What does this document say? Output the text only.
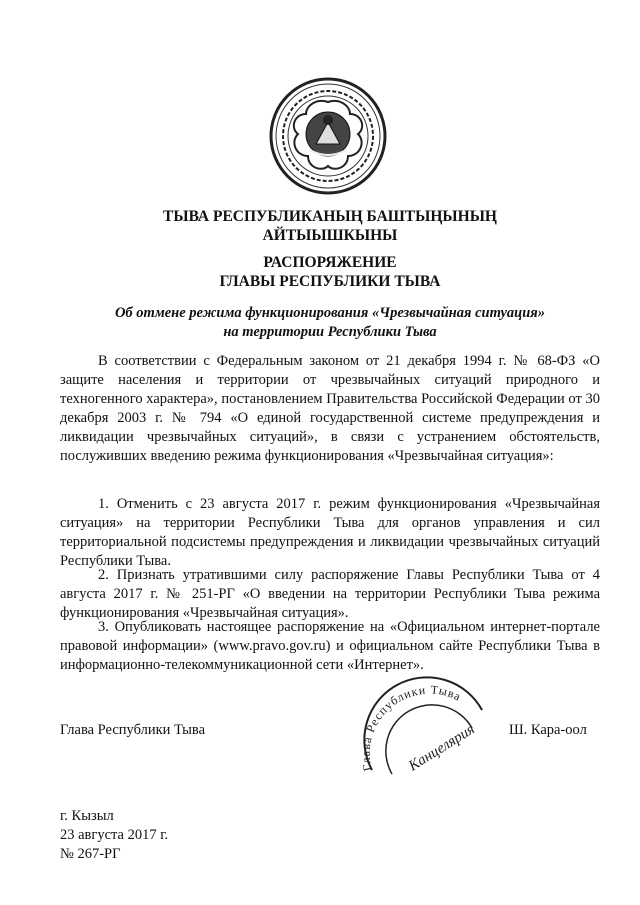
ТЫВА РЕСПУБЛИКАНЫҢ БАШТЫҢЫНЫҢ

АЙТЫЫШКЫНЫ

РАСПОРЯЖЕНИЕ

ГЛАВЫ РЕСПУБЛИКИ ТЫВА

Об отмене режима функционирования «Чрезвычайная ситуация»

на территории Республики Тыва

В соответствии с Федеральным законом от 21 декабря 1994 г. № 68-ФЗ «О защите населения и территории от чрезвычайных ситуаций природного и техногенного характера», постановлением Правительства Российской Федерации от 30 декабря 2003 г. № 794 «О единой государственной системе предупреждения и ликвидации чрезвычайных ситуаций», в связи с устранением обстоятельств, послуживших введению режима функционирования «Чрезвычайная ситуация»:

1. Отменить с 23 августа 2017 г. режим функционирования «Чрезвычайная ситуация» на территории Республики Тыва для органов управления и сил территориальной подсистемы предупреждения и ликвидации чрезвычайных ситуаций Республики Тыва.

2. Признать утратившими силу распоряжение Главы Республики Тыва от 4 августа 2017 г. № 251-РГ «О введении на территории Республики Тыва режима функционирования «Чрезвычайная ситуация».

3. Опубликовать настоящее распоряжение на «Официальном интернет-портале правовой информации» (www.pravo.gov.ru) и официальном сайте Республики Тыва в информационно-телекоммуникационной сети «Интернет».

Глава Республики Тыва
Канцелярия

Глава Республики Тыва	Ш. Кара-оол

г. Кызыл

23 августа 2017 г.

№ 267-РГ
